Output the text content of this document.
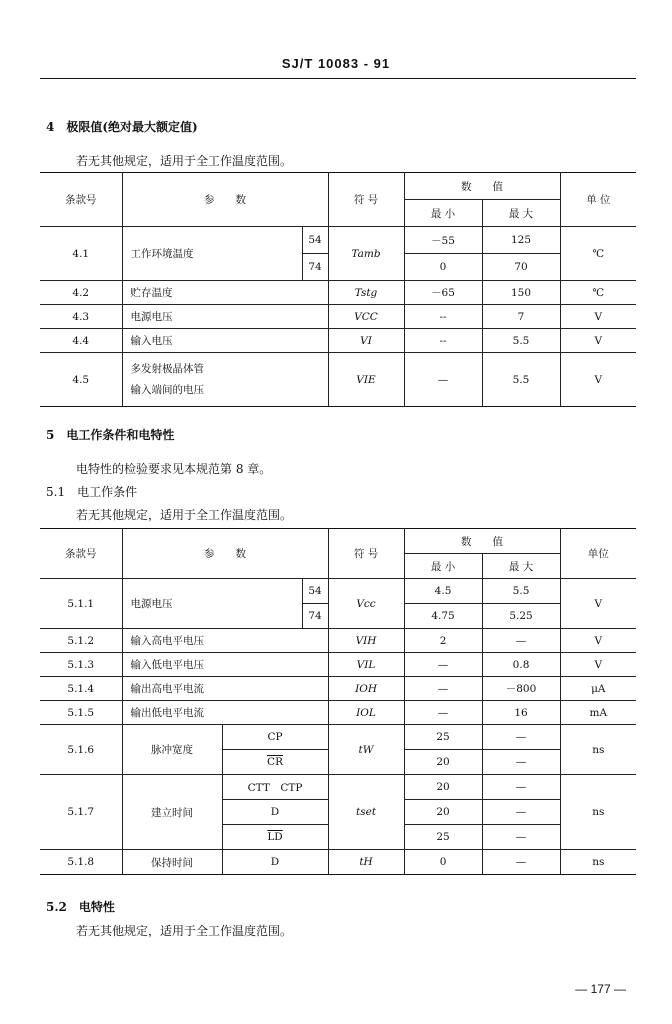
SJ/T 10083 - 91
4　极限值(绝对最大额定值)
若无其他规定，适用于全工作温度范围。
条款号	参　　数		符 号	数　　值		单 位
				最 小	最 大	
4.1	工作环境温度	54	Tamb	－55	125	℃
		74		0	70	
4.2	贮存温度		Tstg	－65	150	℃
4.3	电源电压		VCC	--	7	V
4.4	输入电压		VI	--	5.5	V
4.5	多发射极晶体管
输入端间的电压		VIE	—	5.5	V
5　电工作条件和电特性
电特性的检验要求见本规范第 8 章。
5.1　电工作条件
若无其他规定，适用于全工作温度范围。
条款号	参　　数			符 号	数　　值		单位
					最 小	最 大	
5.1.1	电源电压		54	Vcc	4.5	5.5	V
			74		4.75	5.25	
5.1.2	输入高电平电压			VIH	2	—	V
5.1.3	输入低电平电压			VIL	—	0.8	V
5.1.4	输出高电平电流			IOH	—	－800	μA
5.1.5	输出低电平电流			IOL	—	16	mA
5.1.6	脉冲宽度	CP		tW	25	—	ns
		$\overline{CR}$			20	—	
5.1.7	建立时间	CTT　CTP		tset	20	—	ns
		D			20	—	
		$\overline{LD}$			25	—	
5.1.8	保持时间	D		tH	0	—	ns
5.2　电特性
若无其他规定，适用于全工作温度范围。
— 177 —
